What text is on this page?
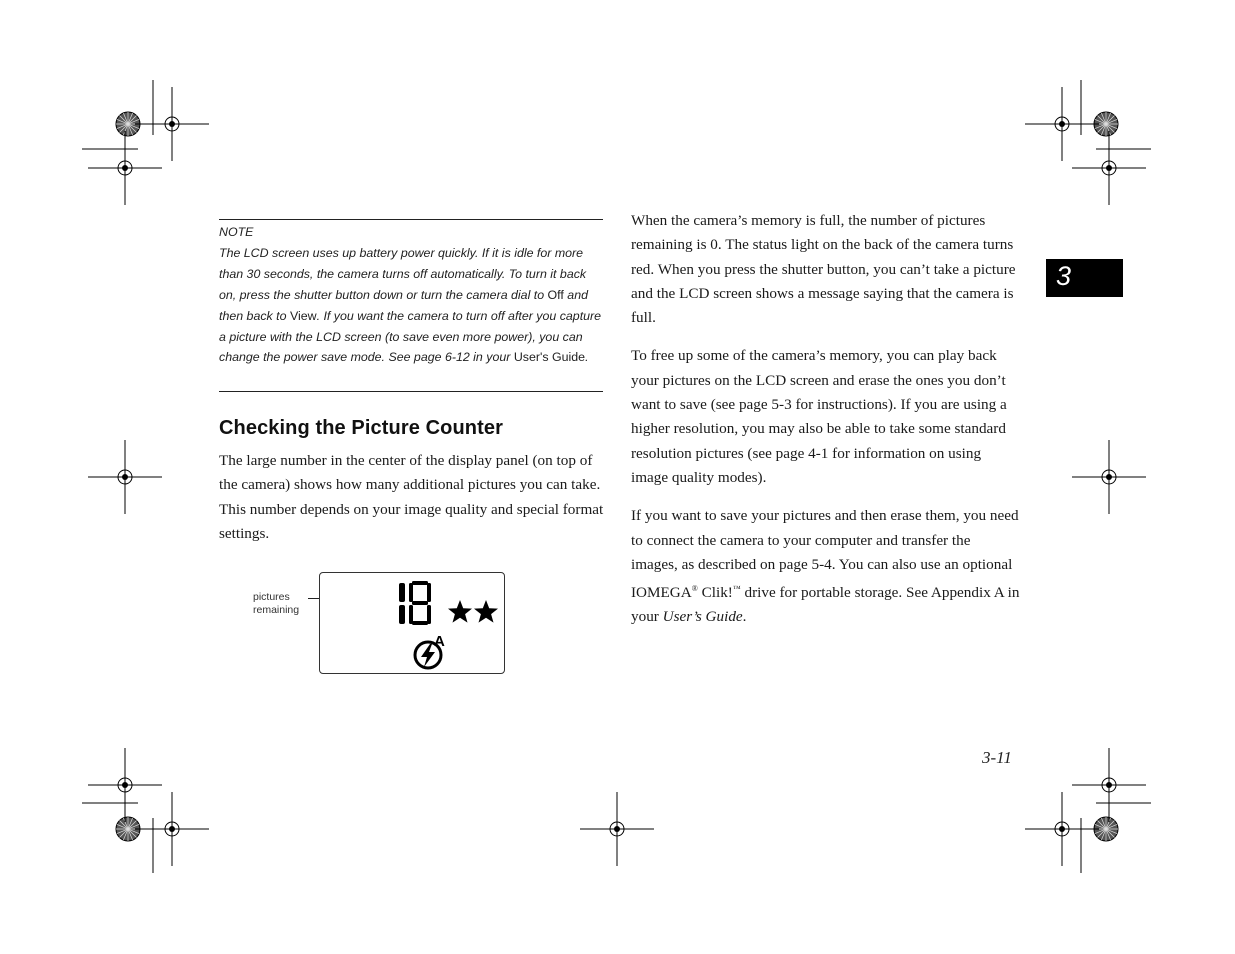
NOTE
The LCD screen uses up battery power quickly. If it is idle for more than 30 seconds, the camera turns off automatically. To turn it back on, press the shutter button down or turn the camera dial to Off and then back to View. If you want the camera to turn off after you capture a picture with the LCD screen (to save even more power), you can change the power save mode. See page 6-12 in your User's Guide.
Checking the Picture Counter
The large number in the center of the display panel (on top of the camera) shows how many additional pictures you can take. This number depends on your image quality and special format settings.
pictures
remaining
18
A

When the camera’s memory is full, the number of pictures remaining is 0. The status light on the back of the camera turns red. When you press the shutter button, you can’t take a picture and the LCD screen shows a message saying that the camera is full.

To free up some of the camera’s memory, you can play back your pictures on the LCD screen and erase the ones you don’t want to save (see page 5-3 for instructions). If you are using a higher resolution, you may also be able to take some standard resolution pictures (see page 4-1 for information on using image quality modes).

If you want to save your pictures and then erase them, you need to connect the camera to your computer and transfer the images, as described on page 5-4. You can also use an optional IOMEGA® Clik!™ drive for portable storage. See Appendix A in your User’s Guide.

3
3-11
